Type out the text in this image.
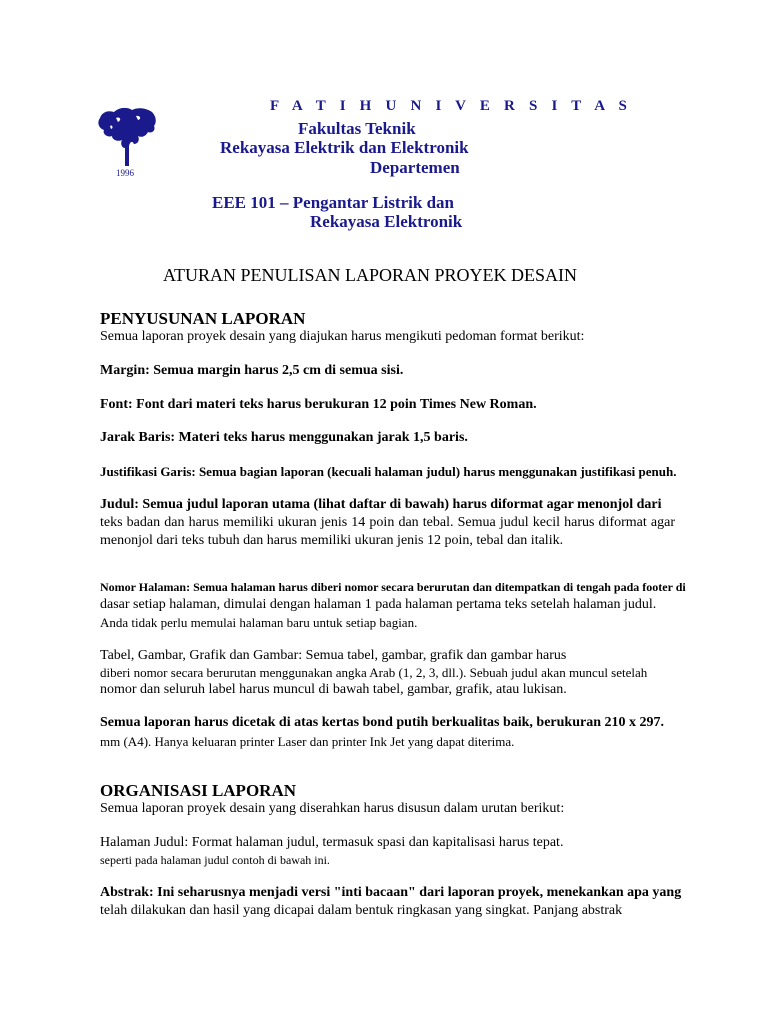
1996
F A T I H U N I V E R S I T A S
Fakultas Teknik
Rekayasa Elektrik dan Elektronik
Departemen
EEE 101 – Pengantar Listrik dan
Rekayasa Elektronik
ATURAN PENULISAN LAPORAN PROYEK DESAIN
PENYUSUNAN LAPORAN
Semua laporan proyek desain yang diajukan harus mengikuti pedoman format berikut:
Margin: Semua margin harus 2,5 cm di semua sisi.
Font: Font dari materi teks harus berukuran 12 poin Times New Roman.
Jarak Baris: Materi teks harus menggunakan jarak 1,5 baris.
Justifikasi Garis: Semua bagian laporan (kecuali halaman judul) harus menggunakan justifikasi penuh.
Judul: Semua judul laporan utama (lihat daftar di bawah) harus diformat agar menonjol dari
teks badan dan harus memiliki ukuran jenis 14 poin dan tebal. Semua judul kecil harus diformat agar menonjol dari teks tubuh dan harus memiliki ukuran jenis 12 poin, tebal dan italik.
Nomor Halaman: Semua halaman harus diberi nomor secara berurutan dan ditempatkan di tengah pada footer di
dasar setiap halaman, dimulai dengan halaman 1 pada halaman pertama teks setelah halaman judul.
Anda tidak perlu memulai halaman baru untuk setiap bagian.
Tabel, Gambar, Grafik dan Gambar: Semua tabel, gambar, grafik dan gambar harus
diberi nomor secara berurutan menggunakan angka Arab (1, 2, 3, dll.). Sebuah judul akan muncul setelah
nomor dan seluruh label harus muncul di bawah tabel, gambar, grafik, atau lukisan.
Semua laporan harus dicetak di atas kertas bond putih berkualitas baik, berukuran 210 x 297.
mm (A4). Hanya keluaran printer Laser dan printer Ink Jet yang dapat diterima.
ORGANISASI LAPORAN
Semua laporan proyek desain yang diserahkan harus disusun dalam urutan berikut:
Halaman Judul: Format halaman judul, termasuk spasi dan kapitalisasi harus tepat.
seperti pada halaman judul contoh di bawah ini.
Abstrak: Ini seharusnya menjadi versi "inti bacaan" dari laporan proyek, menekankan apa yang
telah dilakukan dan hasil yang dicapai dalam bentuk ringkasan yang singkat. Panjang abstrak
